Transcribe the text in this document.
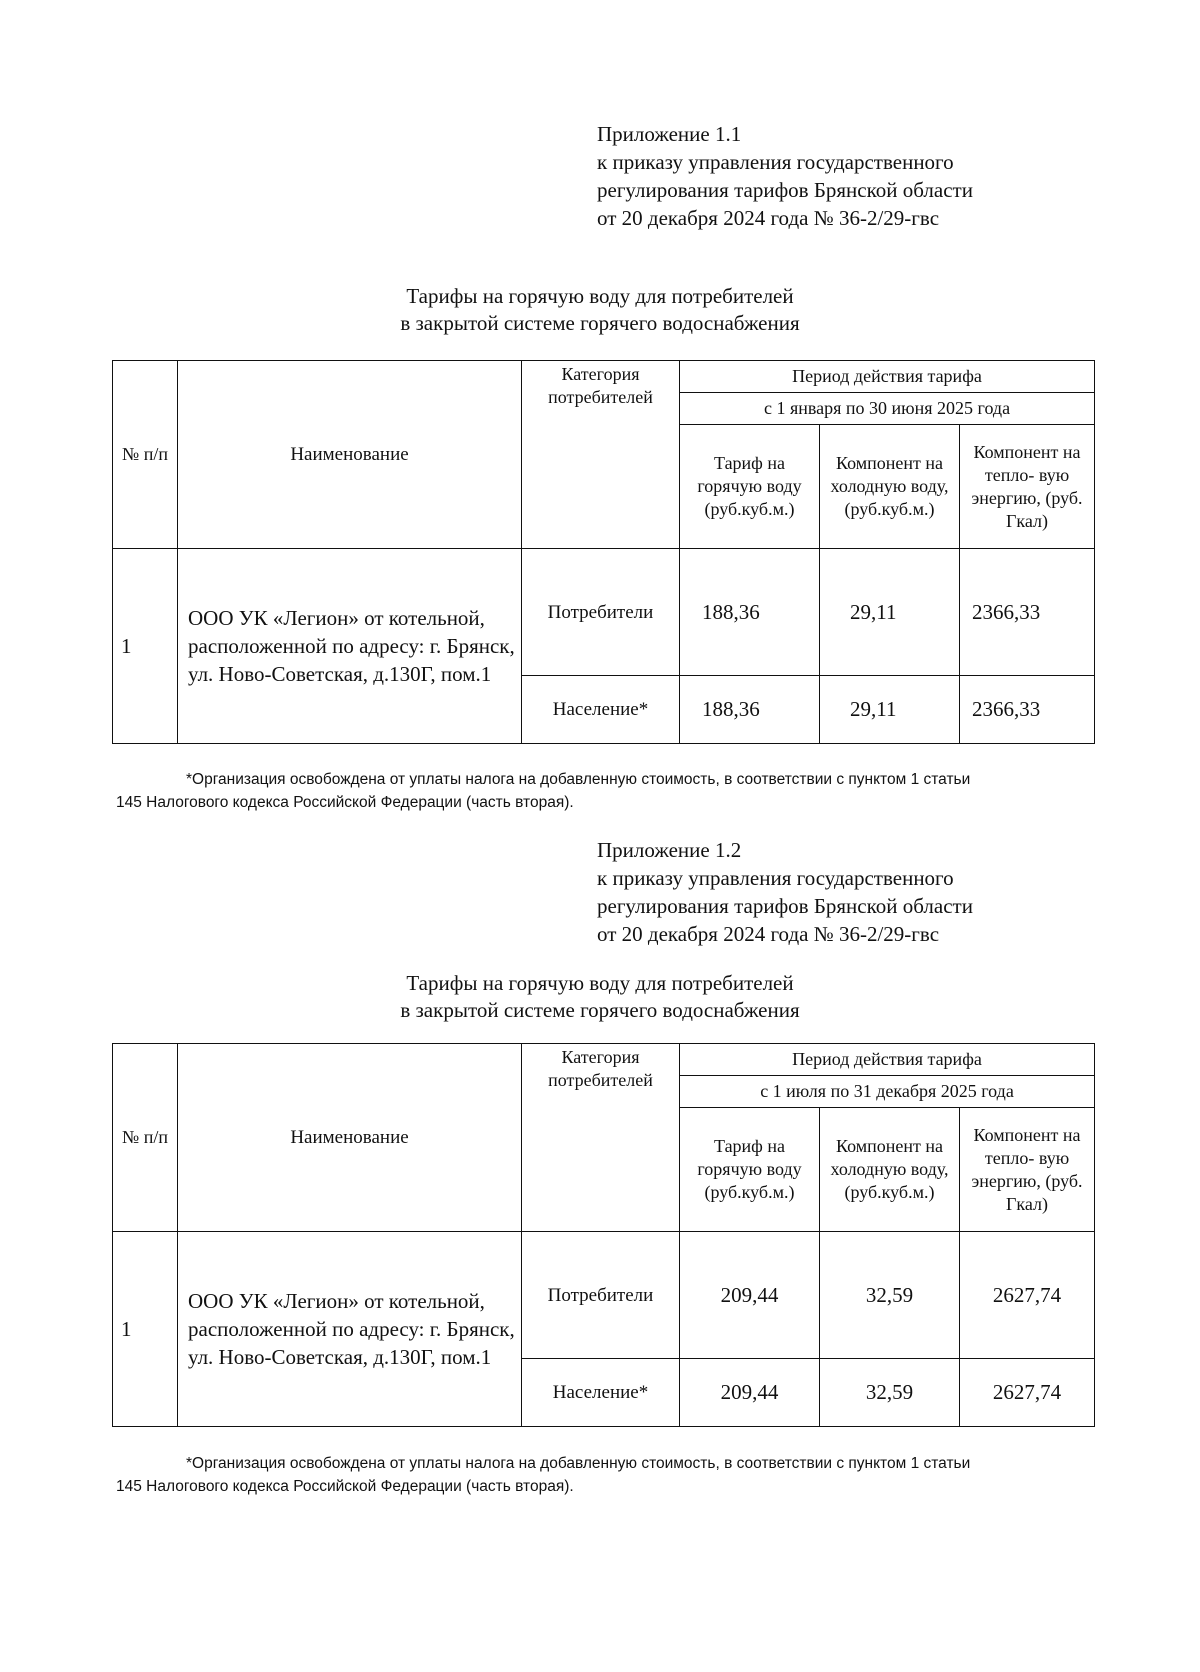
Приложение 1.1
к приказу управления государственного
регулирования тарифов Брянской области
от 20 декабря 2024 года № 36-2/29-гвс
Тарифы на горячую воду для потребителей
в закрытой системе горячего водоснабжения
№ п/п	Наименование	Категория потребителей	Период действия тарифа		
			с 1 января по 30 июня 2025 года		
			Тариф на горячую воду (руб.куб.м.)	Компонент на холодную воду, (руб.куб.м.)	Компонент на тепло- вую энергию, (руб. Гкал)
1	ООО УК «Легион» от котельной, расположенной по адресу: г. Брянск, ул. Ново-Советская, д.130Г, пом.1	Потребители	188,36	29,11	2366,33
		Население*	188,36	29,11	2366,33
*Организация освобождена от уплаты налога на добавленную стоимость, в соответствии с пунктом 1 статьи
145 Налогового кодекса Российской Федерации (часть вторая).
Приложение 1.2
к приказу управления государственного
регулирования тарифов Брянской области
от 20 декабря 2024 года № 36-2/29-гвс
Тарифы на горячую воду для потребителей
в закрытой системе горячего водоснабжения
№ п/п	Наименование	Категория потребителей	Период действия тарифа		
			с 1 июля по 31 декабря 2025 года		
			Тариф на горячую воду (руб.куб.м.)	Компонент на холодную воду, (руб.куб.м.)	Компонент на тепло- вую энергию, (руб. Гкал)
1	ООО УК «Легион» от котельной, расположенной по адресу: г. Брянск, ул. Ново-Советская, д.130Г, пом.1	Потребители	209,44	32,59	2627,74
		Население*	209,44	32,59	2627,74
*Организация освобождена от уплаты налога на добавленную стоимость, в соответствии с пунктом 1 статьи
145 Налогового кодекса Российской Федерации (часть вторая).
